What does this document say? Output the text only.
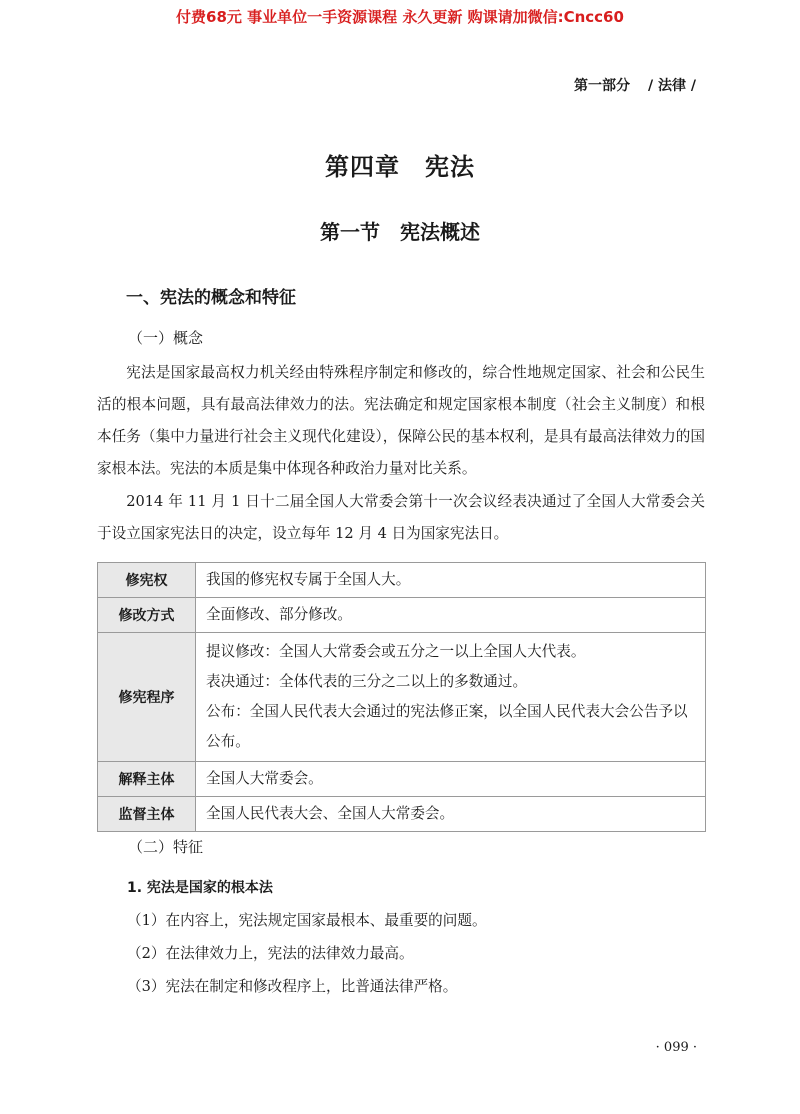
付费68元 事业单位一手资源课程 永久更新 购课请加微信:Cncc60
第一部分 / 法律 /
第四章　宪法
第一节　宪法概述
一、宪法的概念和特征
（一）概念
宪法是国家最高权力机关经由特殊程序制定和修改的，综合性地规定国家、社会和公民生活的根本问题，具有最高法律效力的法。宪法确定和规定国家根本制度（社会主义制度）和根本任务（集中力量进行社会主义现代化建设），保障公民的基本权利，是具有最高法律效力的国家根本法。宪法的本质是集中体现各种政治力量对比关系。
2014 年 11 月 1 日十二届全国人大常委会第十一次会议经表决通过了全国人大常委会关于设立国家宪法日的决定，设立每年 12 月 4 日为国家宪法日。
修宪权	我国的修宪权专属于全国人大。

修改方式	全面修改、部分修改。

修宪程序	提议修改：全国人大常委会或五分之一以上全国人大代表。
表决通过：全体代表的三分之二以上的多数通过。
公布：全国人民代表大会通过的宪法修正案，以全国人民代表大会公告予以公布。

解释主体	全国人大常委会。

监督主体	全国人民代表大会、全国人大常委会。
（二）特征
1. 宪法是国家的根本法
（1）在内容上，宪法规定国家最根本、最重要的问题。
（2）在法律效力上，宪法的法律效力最高。
（3）宪法在制定和修改程序上，比普通法律严格。
· 099 ·
